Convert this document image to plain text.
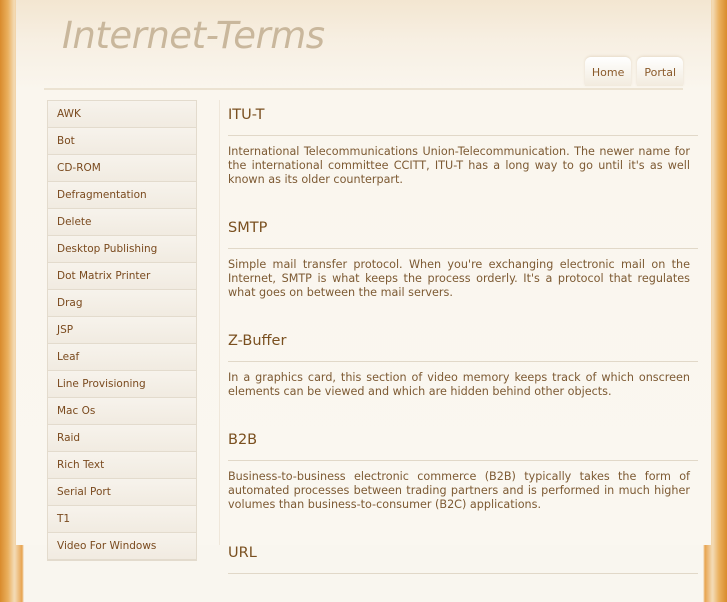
Internet-Terms
Home	Portal
AWK
Bot
CD-ROM
Defragmentation
Delete
Desktop Publishing
Dot Matrix Printer
Drag
JSP
Leaf
Line Provisioning
Mac Os
Raid
Rich Text
Serial Port
T1
Video For Windows
ITU-T

International Telecommunications Union-Telecommunication. The newer name for the international committee CCITT, ITU-T has a long way to go until it's as well known as its older counterpart.

SMTP

Simple mail transfer protocol. When you're exchanging electronic mail on the Internet, SMTP is what keeps the process orderly. It's a protocol that regulates what goes on between the mail servers.

Z-Buffer

In a graphics card, this section of video memory keeps track of which onscreen elements can be viewed and which are hidden behind other objects.

B2B

Business-to-business electronic commerce (B2B) typically takes the form of automated processes between trading partners and is performed in much higher volumes than business-to-consumer (B2C) applications.

URL
